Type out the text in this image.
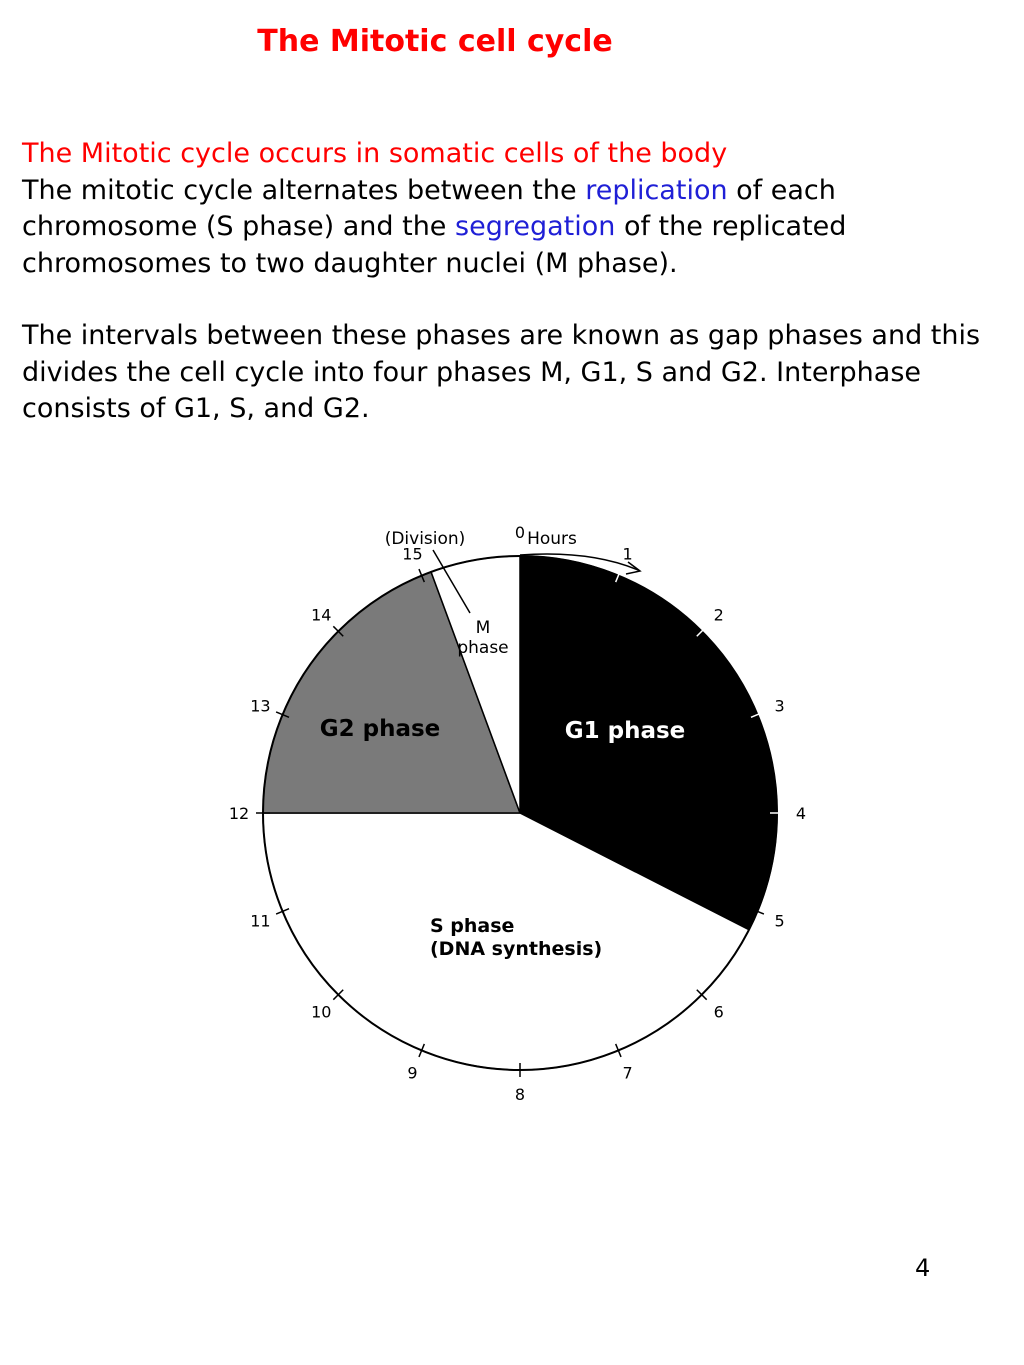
The Mitotic cell cycle

The Mitotic cycle occurs in somatic cells of the body

The mitotic cycle alternates between the replication of each chromosome (S phase) and the segregation of the replicated chromosomes to two daughter nuclei (M phase).

The intervals between these phases are known as gap phases and this divides the cell cycle into four phases M, G1, S and G2. Interphase consists of G1, S, and G2.

0
1
2
3
4
5
6
7
8
9
10
11
12
13
14
15
(Division)	Hours
M
phase
G2 phase	G1 phase
S phase
(DNA synthesis)
4
